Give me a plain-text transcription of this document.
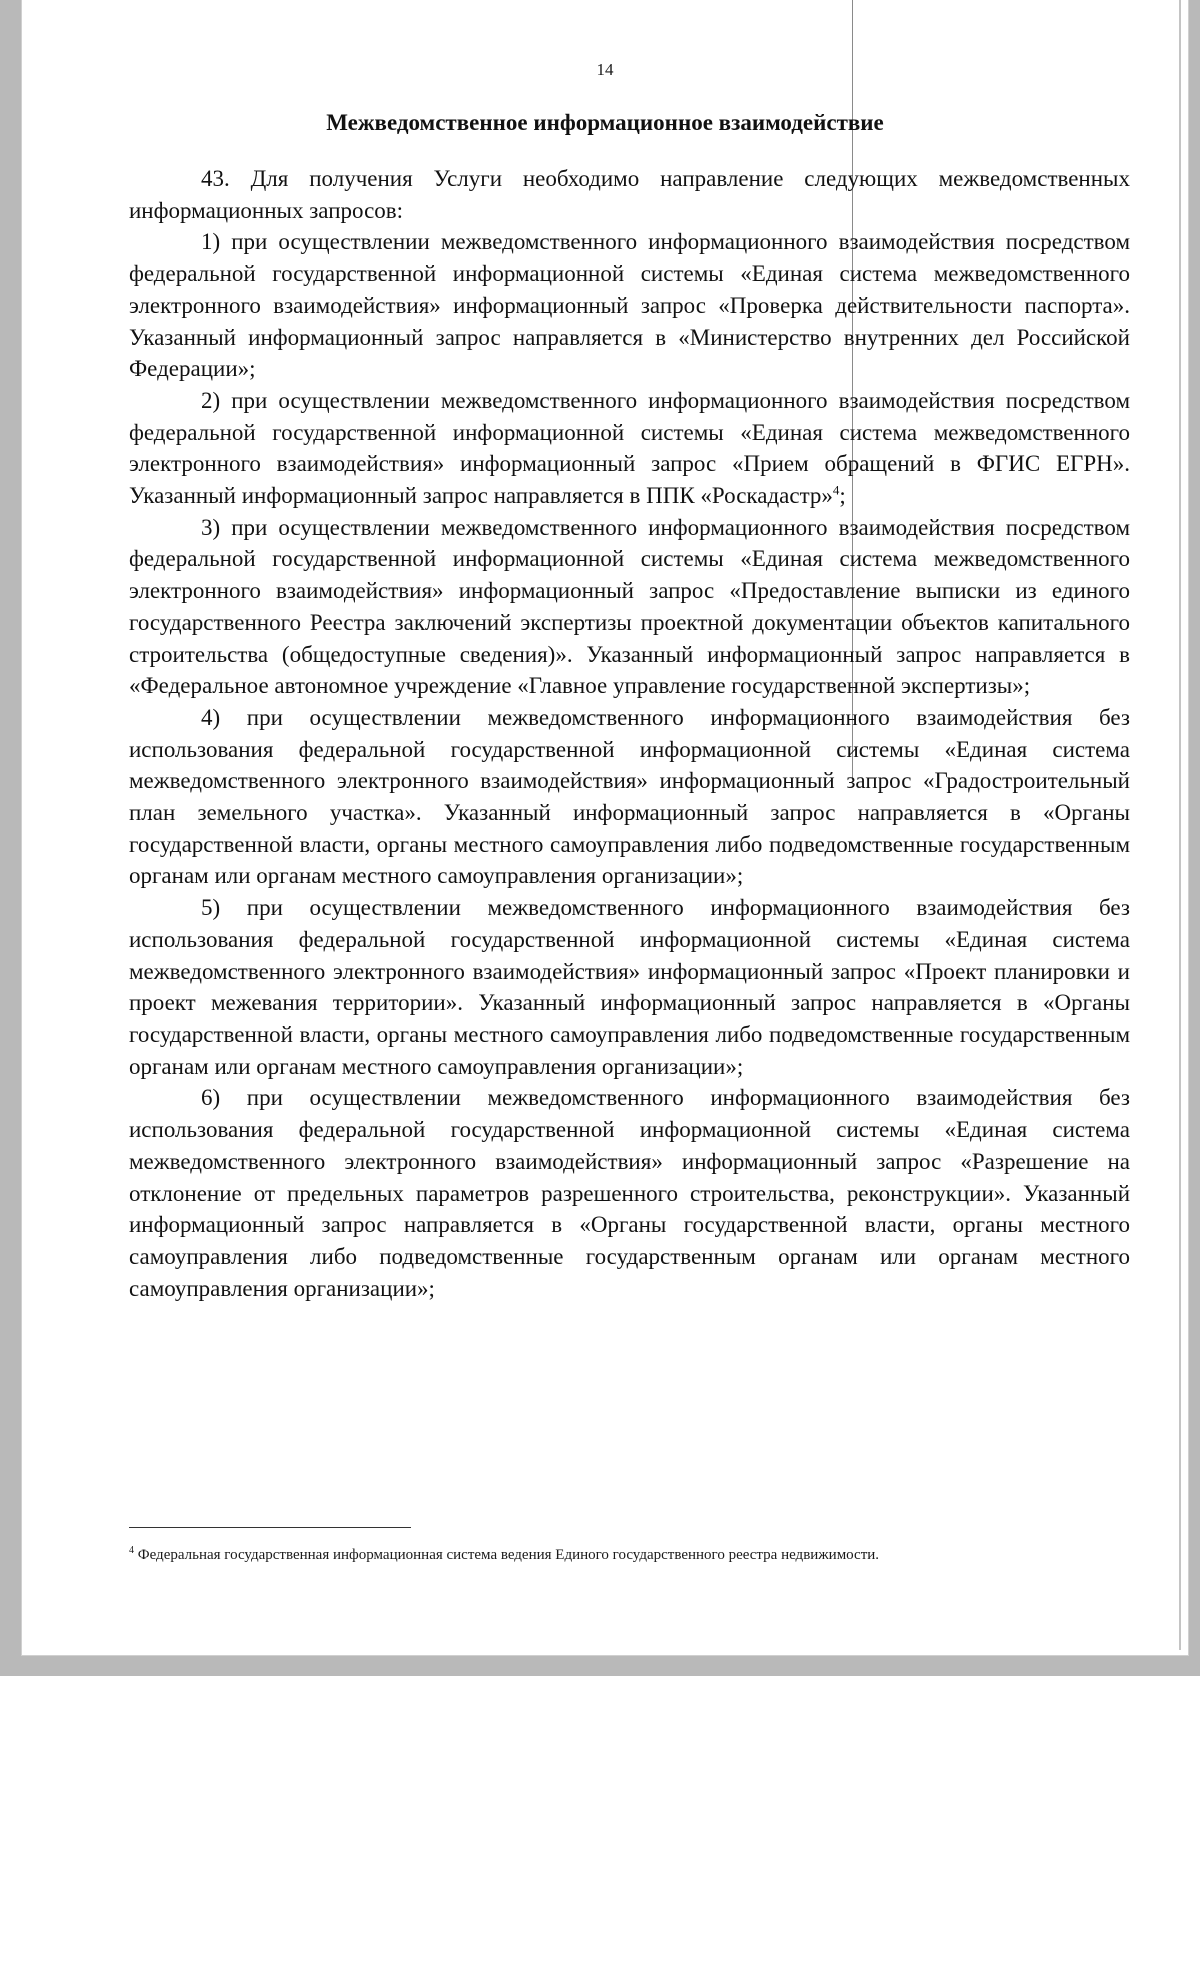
14
Межведомственное информационное взаимодействие

43. Для получения Услуги необходимо направление следующих межведомственных информационных запросов:

1) при осуществлении межведомственного информационного взаимодействия посредством федеральной государственной информационной системы «Единая система межведомственного электронного взаимодействия» информационный запрос «Проверка действительности паспорта». Указанный информационный запрос направляется в «Министерство внутренних дел Российской Федерации»;

2) при осуществлении межведомственного информационного взаимодействия посредством федеральной государственной информационной системы «Единая система межведомственного электронного взаимодействия» информационный запрос «Прием обращений в ФГИС ЕГРН». Указанный информационный запрос направляется в ППК «Роскадастр»$^4$;

3) при осуществлении межведомственного информационного взаимодействия посредством федеральной государственной информационной системы «Единая система межведомственного электронного взаимодействия» информационный запрос «Предоставление выписки из единого государственного Реестра заключений экспертизы проектной документации объектов капитального строительства (общедоступные сведения)». Указанный информационный запрос направляется в «Федеральное автономное учреждение «Главное управление государственной экспертизы»;

4) при осуществлении межведомственного информационного взаимодействия без использования федеральной государственной информационной системы «Единая система межведомственного электронного взаимодействия» информационный запрос «Градостроительный план земельного участка». Указанный информационный запрос направляется в «Органы государственной власти, органы местного самоуправления либо подведомственные государственным органам или органам местного самоуправления организации»;

5) при осуществлении межведомственного информационного взаимодействия без использования федеральной государственной информационной системы «Единая система межведомственного электронного взаимодействия» информационный запрос «Проект планировки и проект межевания территории». Указанный информационный запрос направляется в «Органы государственной власти, органы местного самоуправления либо подведомственные государственным органам или органам местного самоуправления организации»;

6) при осуществлении межведомственного информационного взаимодействия без использования федеральной государственной информационной системы «Единая система межведомственного электронного взаимодействия» информационный запрос «Разрешение на отклонение от предельных параметров разрешенного строительства, реконструкции». Указанный информационный запрос направляется в «Органы государственной власти, органы местного самоуправления либо подведомственные государственным органам или органам местного самоуправления организации»;

$^4$ Федеральная государственная информационная система ведения Единого государственного реестра недвижимости.
